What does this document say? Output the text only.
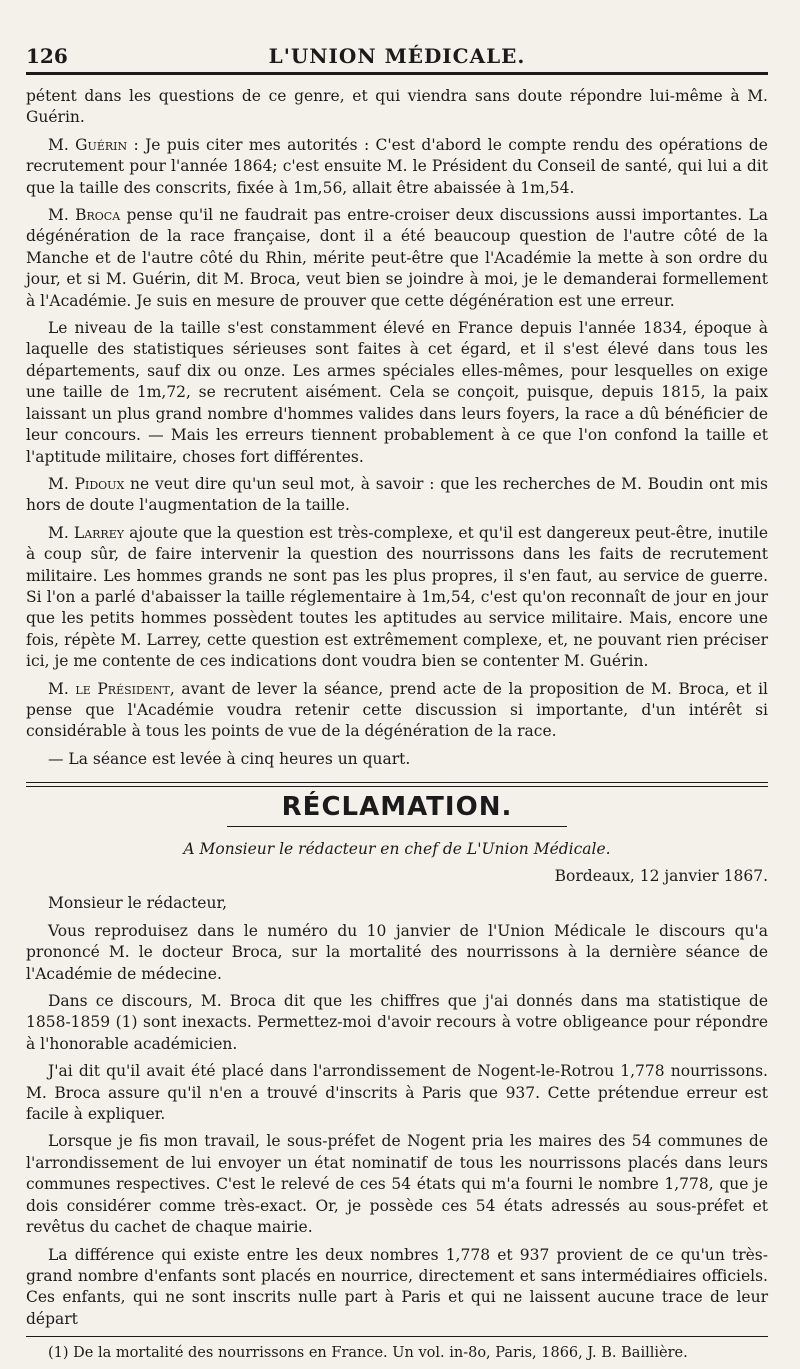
126	L'UNION MÉDICALE.

pétent dans les questions de ce genre, et qui viendra sans doute répondre lui-même à M. Guérin.

M. Guérin : Je puis citer mes autorités : C'est d'abord le compte rendu des opérations de recrutement pour l'année 1864; c'est ensuite M. le Président du Conseil de santé, qui lui a dit que la taille des conscrits, fixée à 1m,56, allait être abaissée à 1m,54.

M. Broca pense qu'il ne faudrait pas entre-croiser deux discussions aussi importantes. La dégénération de la race française, dont il a été beaucoup question de l'autre côté de la Manche et de l'autre côté du Rhin, mérite peut-être que l'Académie la mette à son ordre du jour, et si M. Guérin, dit M. Broca, veut bien se joindre à moi, je le demanderai formellement à l'Académie. Je suis en mesure de prouver que cette dégénération est une erreur.

Le niveau de la taille s'est constamment élevé en France depuis l'année 1834, époque à laquelle des statistiques sérieuses sont faites à cet égard, et il s'est élevé dans tous les départements, sauf dix ou onze. Les armes spéciales elles-mêmes, pour lesquelles on exige une taille de 1m,72, se recrutent aisément. Cela se conçoit, puisque, depuis 1815, la paix laissant un plus grand nombre d'hommes valides dans leurs foyers, la race a dû bénéficier de leur concours. — Mais les erreurs tiennent probablement à ce que l'on confond la taille et l'aptitude militaire, choses fort différentes.

M. Pidoux ne veut dire qu'un seul mot, à savoir : que les recherches de M. Boudin ont mis hors de doute l'augmentation de la taille.

M. Larrey ajoute que la question est très-complexe, et qu'il est dangereux peut-être, inutile à coup sûr, de faire intervenir la question des nourrissons dans les faits de recrutement militaire. Les hommes grands ne sont pas les plus propres, il s'en faut, au service de guerre. Si l'on a parlé d'abaisser la taille réglementaire à 1m,54, c'est qu'on reconnaît de jour en jour que les petits hommes possèdent toutes les aptitudes au service militaire. Mais, encore une fois, répète M. Larrey, cette question est extrêmement complexe, et, ne pouvant rien préciser ici, je me contente de ces indications dont voudra bien se contenter M. Guérin.

M. le Président, avant de lever la séance, prend acte de la proposition de M. Broca, et il pense que l'Académie voudra retenir cette discussion si importante, d'un intérêt si considérable à tous les points de vue de la dégénération de la race.

— La séance est levée à cinq heures un quart.

RÉCLAMATION.

A Monsieur le rédacteur en chef de L'Union Médicale.

Bordeaux, 12 janvier 1867.

Monsieur le rédacteur,

Vous reproduisez dans le numéro du 10 janvier de l'Union Médicale le discours qu'a prononcé M. le docteur Broca, sur la mortalité des nourrissons à la dernière séance de l'Académie de médecine.

Dans ce discours, M. Broca dit que les chiffres que j'ai donnés dans ma statistique de 1858-1859 (1) sont inexacts. Permettez-moi d'avoir recours à votre obligeance pour répondre à l'honorable académicien.

J'ai dit qu'il avait été placé dans l'arrondissement de Nogent-le-Rotrou 1,778 nourrissons. M. Broca assure qu'il n'en a trouvé d'inscrits à Paris que 937. Cette prétendue erreur est facile à expliquer.

Lorsque je fis mon travail, le sous-préfet de Nogent pria les maires des 54 communes de l'arrondissement de lui envoyer un état nominatif de tous les nourrissons placés dans leurs communes respectives. C'est le relevé de ces 54 états qui m'a fourni le nombre 1,778, que je dois considérer comme très-exact. Or, je possède ces 54 états adressés au sous-préfet et revêtus du cachet de chaque mairie.

La différence qui existe entre les deux nombres 1,778 et 937 provient de ce qu'un très-grand nombre d'enfants sont placés en nourrice, directement et sans intermédiaires officiels. Ces enfants, qui ne sont inscrits nulle part à Paris et qui ne laissent aucune trace de leur départ

(1) De la mortalité des nourrissons en France. Un vol. in-8o, Paris, 1866, J. B. Baillière.
